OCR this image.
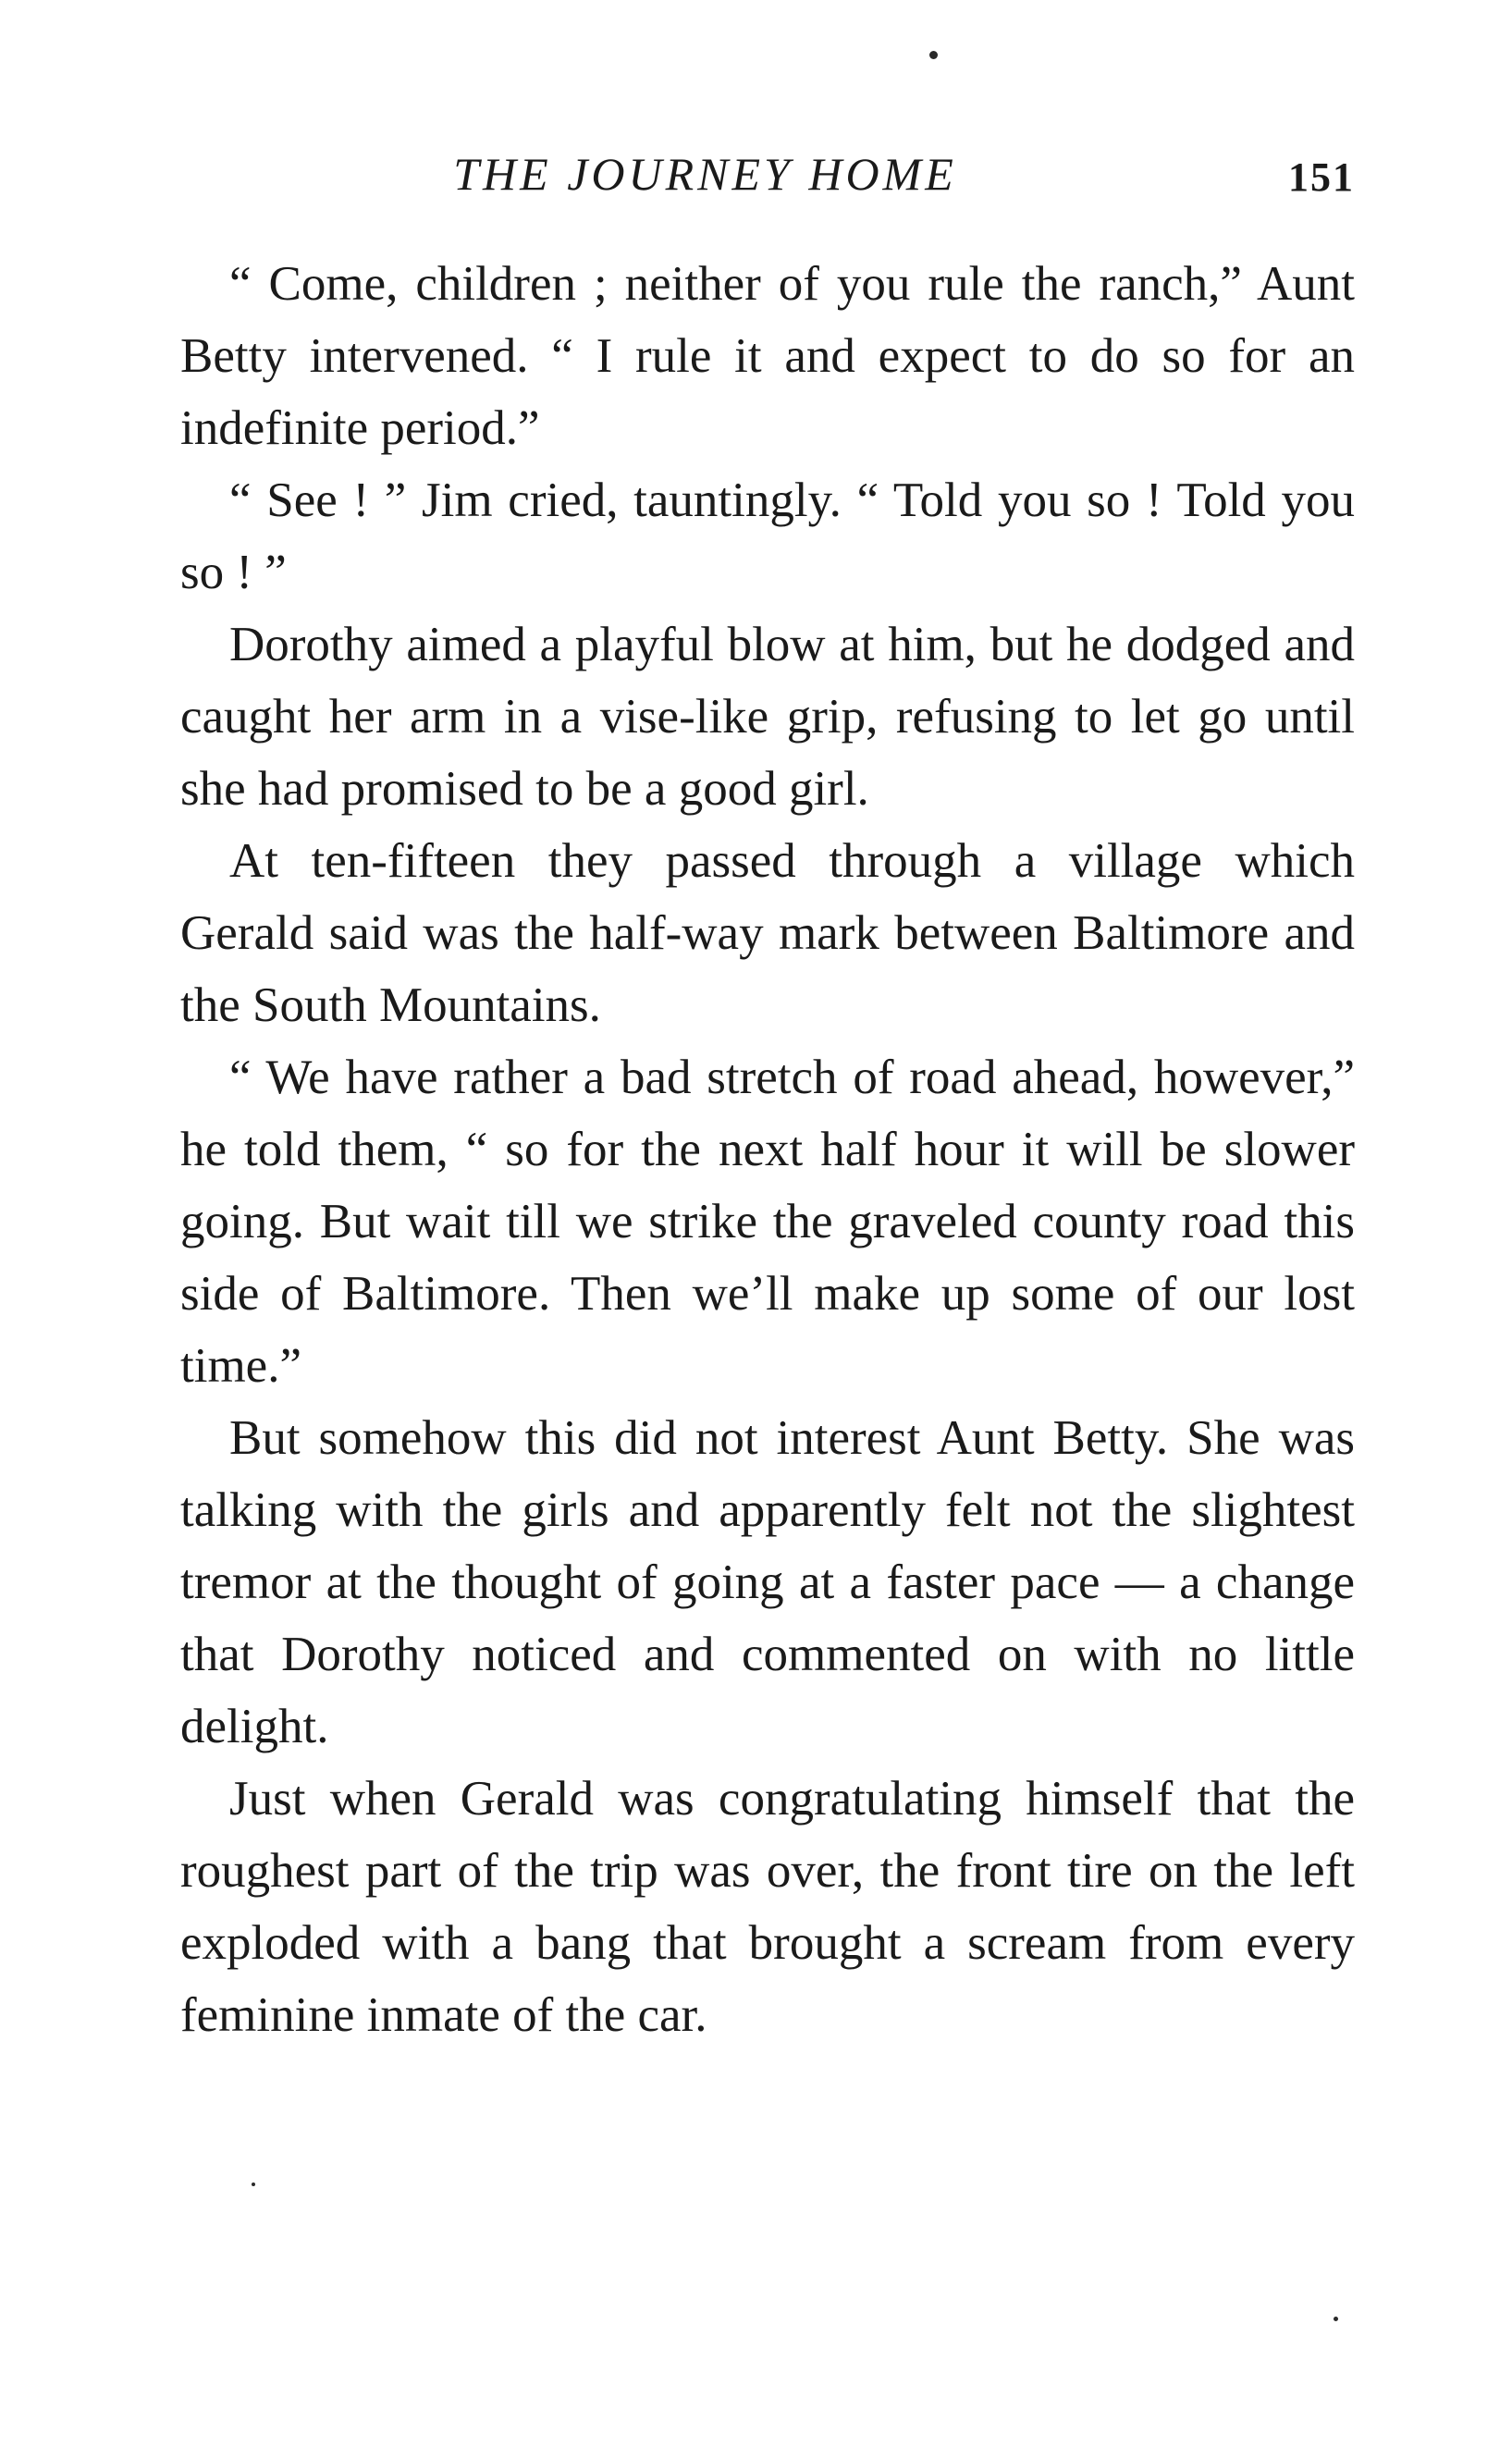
THE JOURNEY HOME	151

“ Come, children ; neither of you rule the ranch,” Aunt Betty intervened. “ I rule it and expect to do so for an indefinite period.”

“ See ! ” Jim cried, tauntingly. “ Told you so ! Told you so ! ”

Dorothy aimed a playful blow at him, but he dodged and caught her arm in a vise-like grip, refusing to let go until she had promised to be a good girl.

At ten-fifteen they passed through a village which Gerald said was the half-way mark between Baltimore and the South Mountains.

“ We have rather a bad stretch of road ahead, however,” he told them, “ so for the next half hour it will be slower going. But wait till we strike the graveled county road this side of Baltimore. Then we’ll make up some of our lost time.”

But somehow this did not interest Aunt Betty. She was talking with the girls and apparently felt not the slightest tremor at the thought of going at a faster pace — a change that Dorothy noticed and commented on with no little delight.

Just when Gerald was congratulating himself that the roughest part of the trip was over, the front tire on the left exploded with a bang that brought a scream from every feminine inmate of the car.
